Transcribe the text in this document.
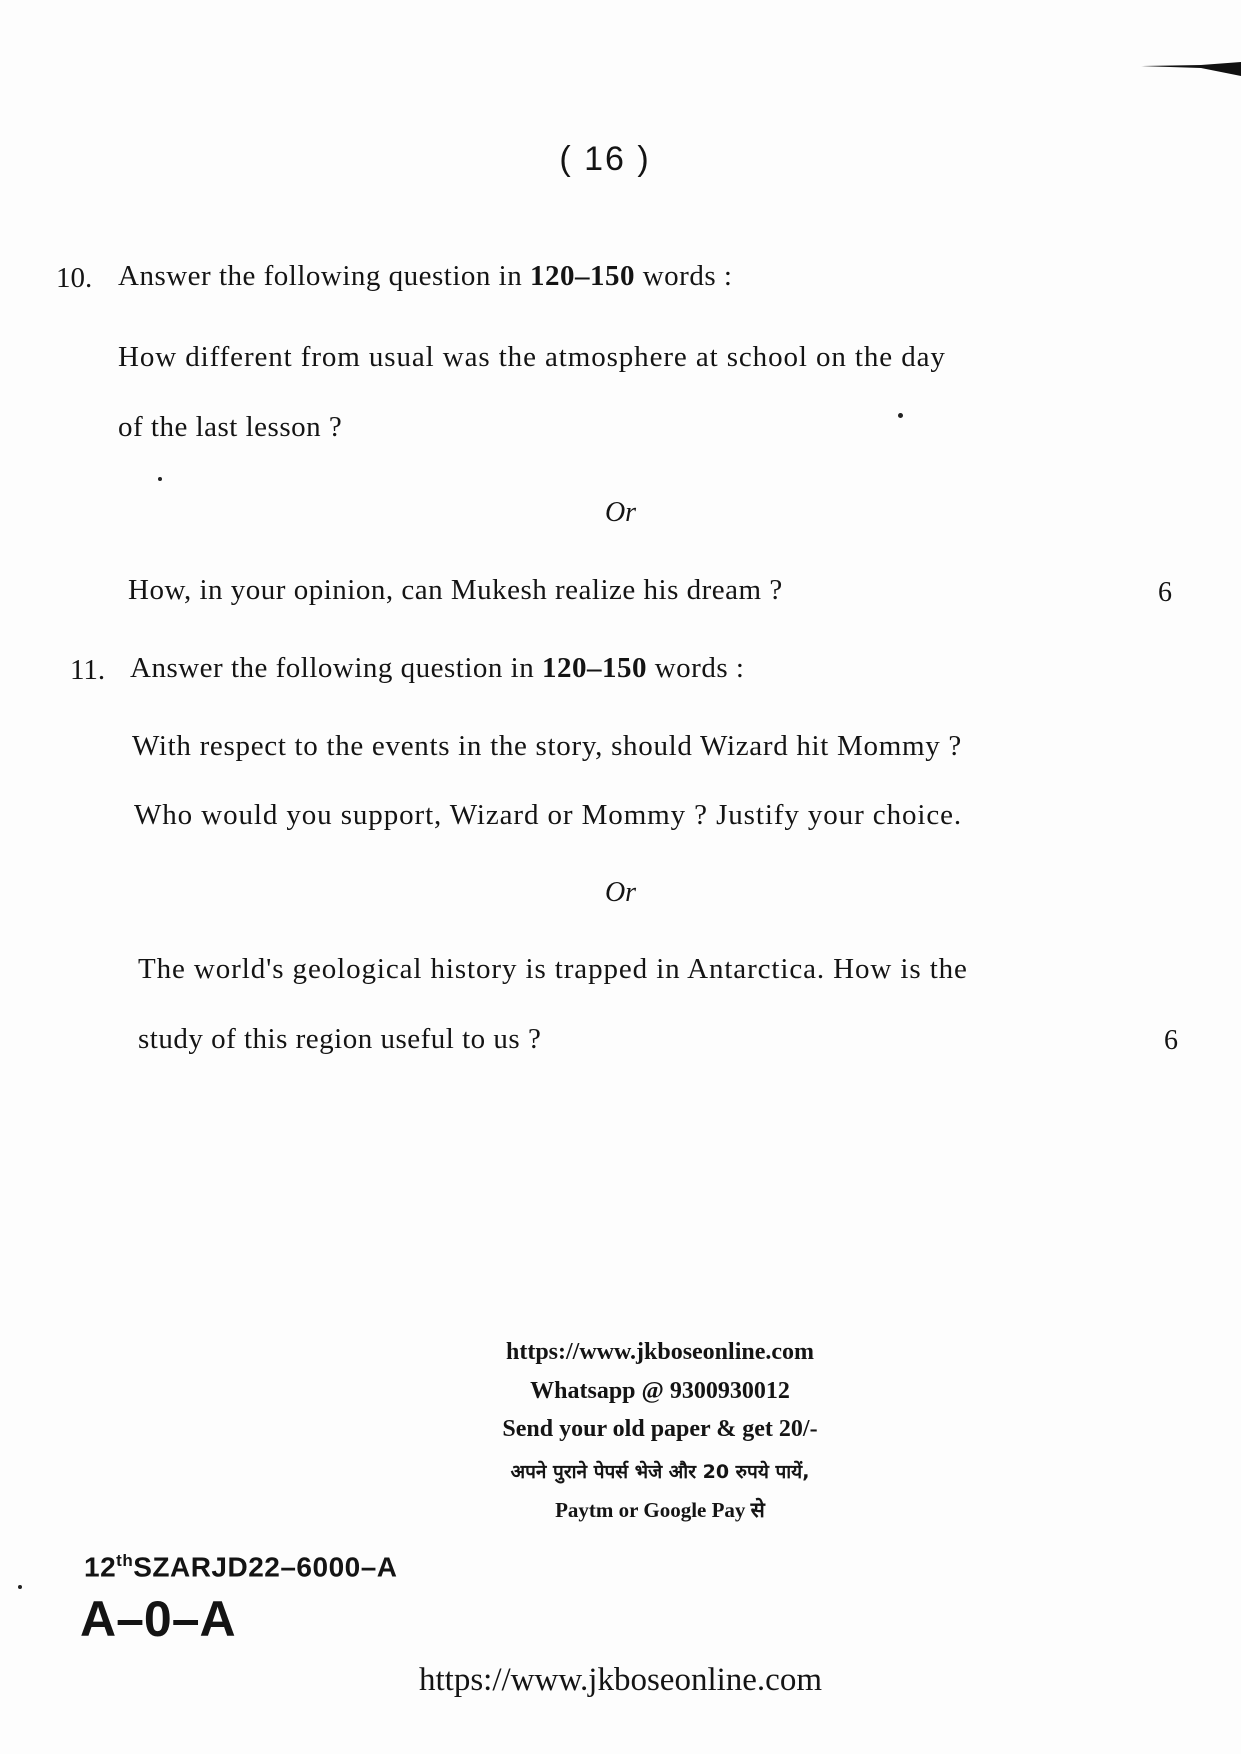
( 16 )
10. Answer the following question in 120–150 words :
How different from usual was the atmosphere at school on the day
of the last lesson ?
Or
How, in your opinion, can Mukesh realize his dream ?	6
11. Answer the following question in 120–150 words :
With respect to the events in the story, should Wizard hit Mommy ?
Who would you support, Wizard or Mommy ? Justify your choice.
Or
The world's geological history is trapped in Antarctica. How is the
study of this region useful to us ?	6
https://www.jkboseonline.com
Whatsapp @ 9300930012
Send your old paper & get 20/-
अपने पुराने पेपर्स भेजे और 20 रुपये पायें,
Paytm or Google Pay से
12thSZARJD22–6000–A
A–0–A
https://www.jkboseonline.com
